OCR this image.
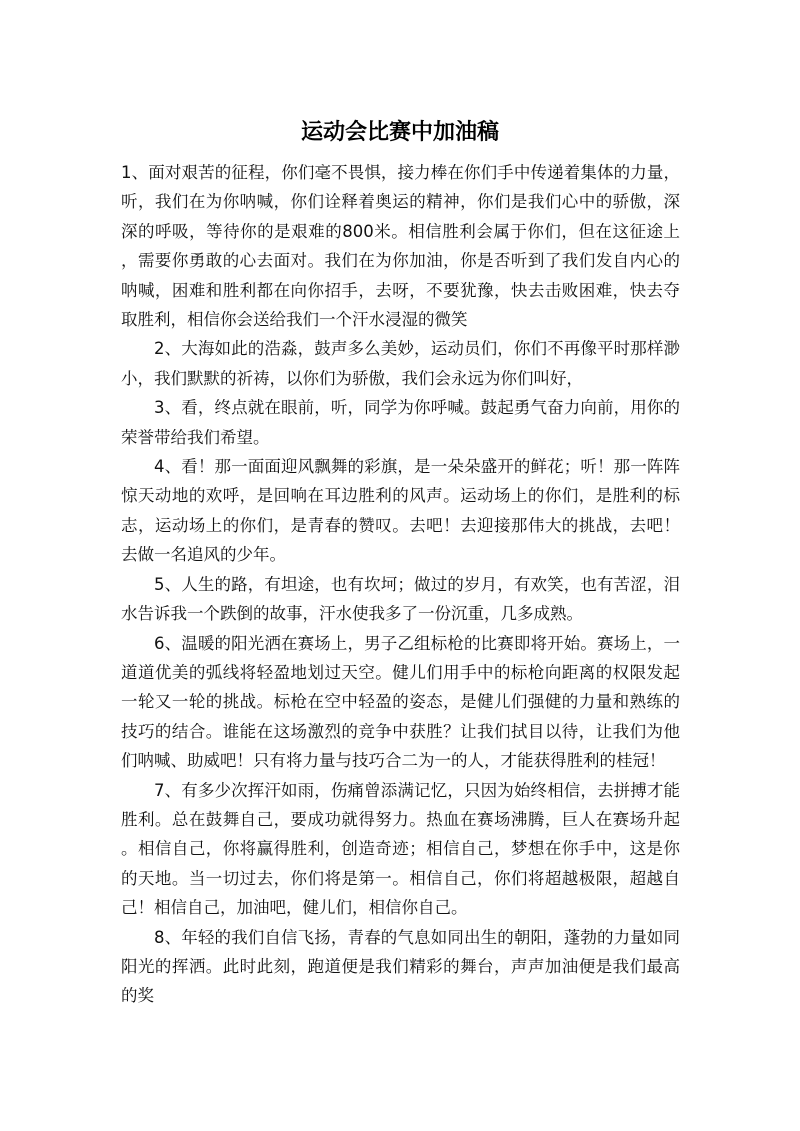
运动会比赛中加油稿

1、面对艰苦的征程，你们毫不畏惧，接力棒在你们手中传递着集体的力量，听，我们在为你呐喊，你们诠释着奥运的精神，你们是我们心中的骄傲，深深的呼吸，等待你的是艰难的800米。相信胜利会属于你们，但在这征途上，需要你勇敢的心去面对。我们在为你加油，你是否听到了我们发自内心的呐喊，困难和胜利都在向你招手，去呀，不要犹豫，快去击败困难，快去夺取胜利，相信你会送给我们一个汗水浸湿的微笑

2、大海如此的浩淼，鼓声多么美妙，运动员们，你们不再像平时那样渺小，我们默默的祈祷，以你们为骄傲，我们会永远为你们叫好，

3、看，终点就在眼前，听，同学为你呼喊。鼓起勇气奋力向前，用你的荣誉带给我们希望。

4、看！那一面面迎风飘舞的彩旗，是一朵朵盛开的鲜花；听！那一阵阵惊天动地的欢呼，是回响在耳边胜利的风声。运动场上的你们，是胜利的标志，运动场上的你们，是青春的赞叹。去吧！去迎接那伟大的挑战，去吧！去做一名追风的少年。

5、人生的路，有坦途，也有坎坷；做过的岁月，有欢笑，也有苦涩，泪水告诉我一个跌倒的故事，汗水使我多了一份沉重，几多成熟。

6、温暖的阳光洒在赛场上，男子乙组标枪的比赛即将开始。赛场上，一道道优美的弧线将轻盈地划过天空。健儿们用手中的标枪向距离的权限发起一轮又一轮的挑战。标枪在空中轻盈的姿态，是健儿们强健的力量和熟练的技巧的结合。谁能在这场激烈的竞争中获胜？让我们拭目以待，让我们为他们呐喊、助威吧！只有将力量与技巧合二为一的人，才能获得胜利的桂冠！

7、有多少次挥汗如雨，伤痛曾添满记忆，只因为始终相信，去拼搏才能胜利。总在鼓舞自己，要成功就得努力。热血在赛场沸腾，巨人在赛场升起。相信自己，你将赢得胜利，创造奇迹；相信自己，梦想在你手中，这是你的天地。当一切过去，你们将是第一。相信自己，你们将超越极限，超越自己！相信自己，加油吧，健儿们，相信你自己。

8、年轻的我们自信飞扬，青春的气息如同出生的朝阳，蓬勃的力量如同阳光的挥洒。此时此刻，跑道便是我们精彩的舞台，声声加油便是我们最高的奖
